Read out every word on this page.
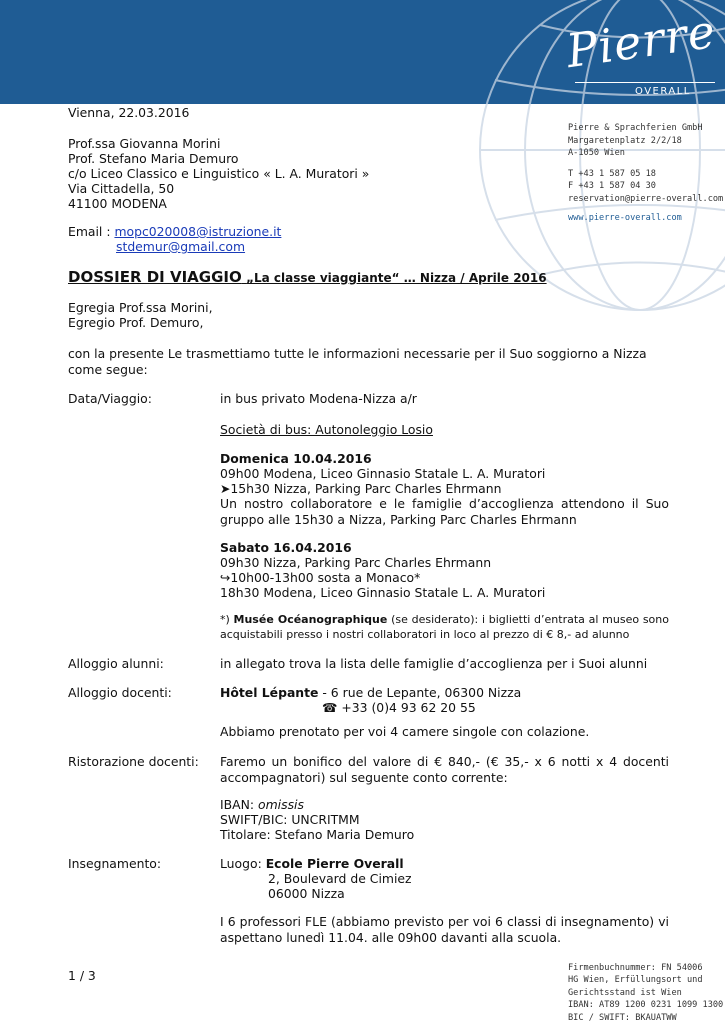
Pierre
OVERALL
Pierre & Sprachferien GmbH
Margaretenplatz 2/2/18
A-1050 Wien
T +43 1 587 05 18
F +43 1 587 04 30
reservation@pierre-overall.com
www.pierre-overall.com
Vienna, 22.03.2016
Prof.ssa Giovanna Morini
Prof. Stefano Maria Demuro
c/o Liceo Classico e Linguistico « L. A. Muratori »
Via Cittadella, 50
41100 MODENA
Email : mopc020008@istruzione.it
stdemur@gmail.com
DOSSIER DI VIAGGIO „La classe viaggiante“ … Nizza / Aprile 2016
Egregia Prof.ssa Morini,
Egregio Prof. Demuro,
con la presente Le trasmettiamo tutte le informazioni necessarie per il Suo soggiorno a Nizza come segue:
Data/Viaggio:	in bus privato Modena-Nizza a/r
Società di bus: Autonoleggio Losio
Domenica 10.04.2016
09h00 Modena, Liceo Ginnasio Statale L. A. Muratori
➤15h30 Nizza, Parking Parc Charles Ehrmann
Un nostro collaboratore e le famiglie d’accoglienza attendono il Suo gruppo alle 15h30 a Nizza, Parking Parc Charles Ehrmann
Sabato 16.04.2016
09h30 Nizza, Parking Parc Charles Ehrmann
↪10h00-13h00 sosta a Monaco*
18h30 Modena, Liceo Ginnasio Statale L. A. Muratori
*) Musée Océanographique (se desiderato): i biglietti d’entrata al museo sono acquistabili presso i nostri collaboratori in loco al prezzo di € 8,- ad alunno
Alloggio alunni:	in allegato trova la lista delle famiglie d’accoglienza per i Suoi alunni
Alloggio docenti:	Hôtel Lépante - 6 rue de Lepante, 06300 Nizza
☎ +33 (0)4 93 62 20 55
Abbiamo prenotato per voi 4 camere singole con colazione.
Ristorazione docenti: Faremo un bonifico del valore di € 840,- (€ 35,- x 6 notti x 4 docenti accompagnatori) sul seguente conto corrente:
IBAN: omissis
SWIFT/BIC: UNCRITMM
Titolare: Stefano Maria Demuro
Insegnamento:	Luogo: Ecole Pierre Overall
2, Boulevard de Cimiez
06000 Nizza
I 6 professori FLE (abbiamo previsto per voi 6 classi di insegnamento) vi aspettano lunedì 11.04. alle 09h00 davanti alla scuola.
1 / 3	Firmenbuchnummer: FN 54006
HG Wien, Erfüllungsort und
Gerichtsstand ist Wien
IBAN: AT89 1200 0231 1099 1300
BIC / SWIFT: BKAUATWW
